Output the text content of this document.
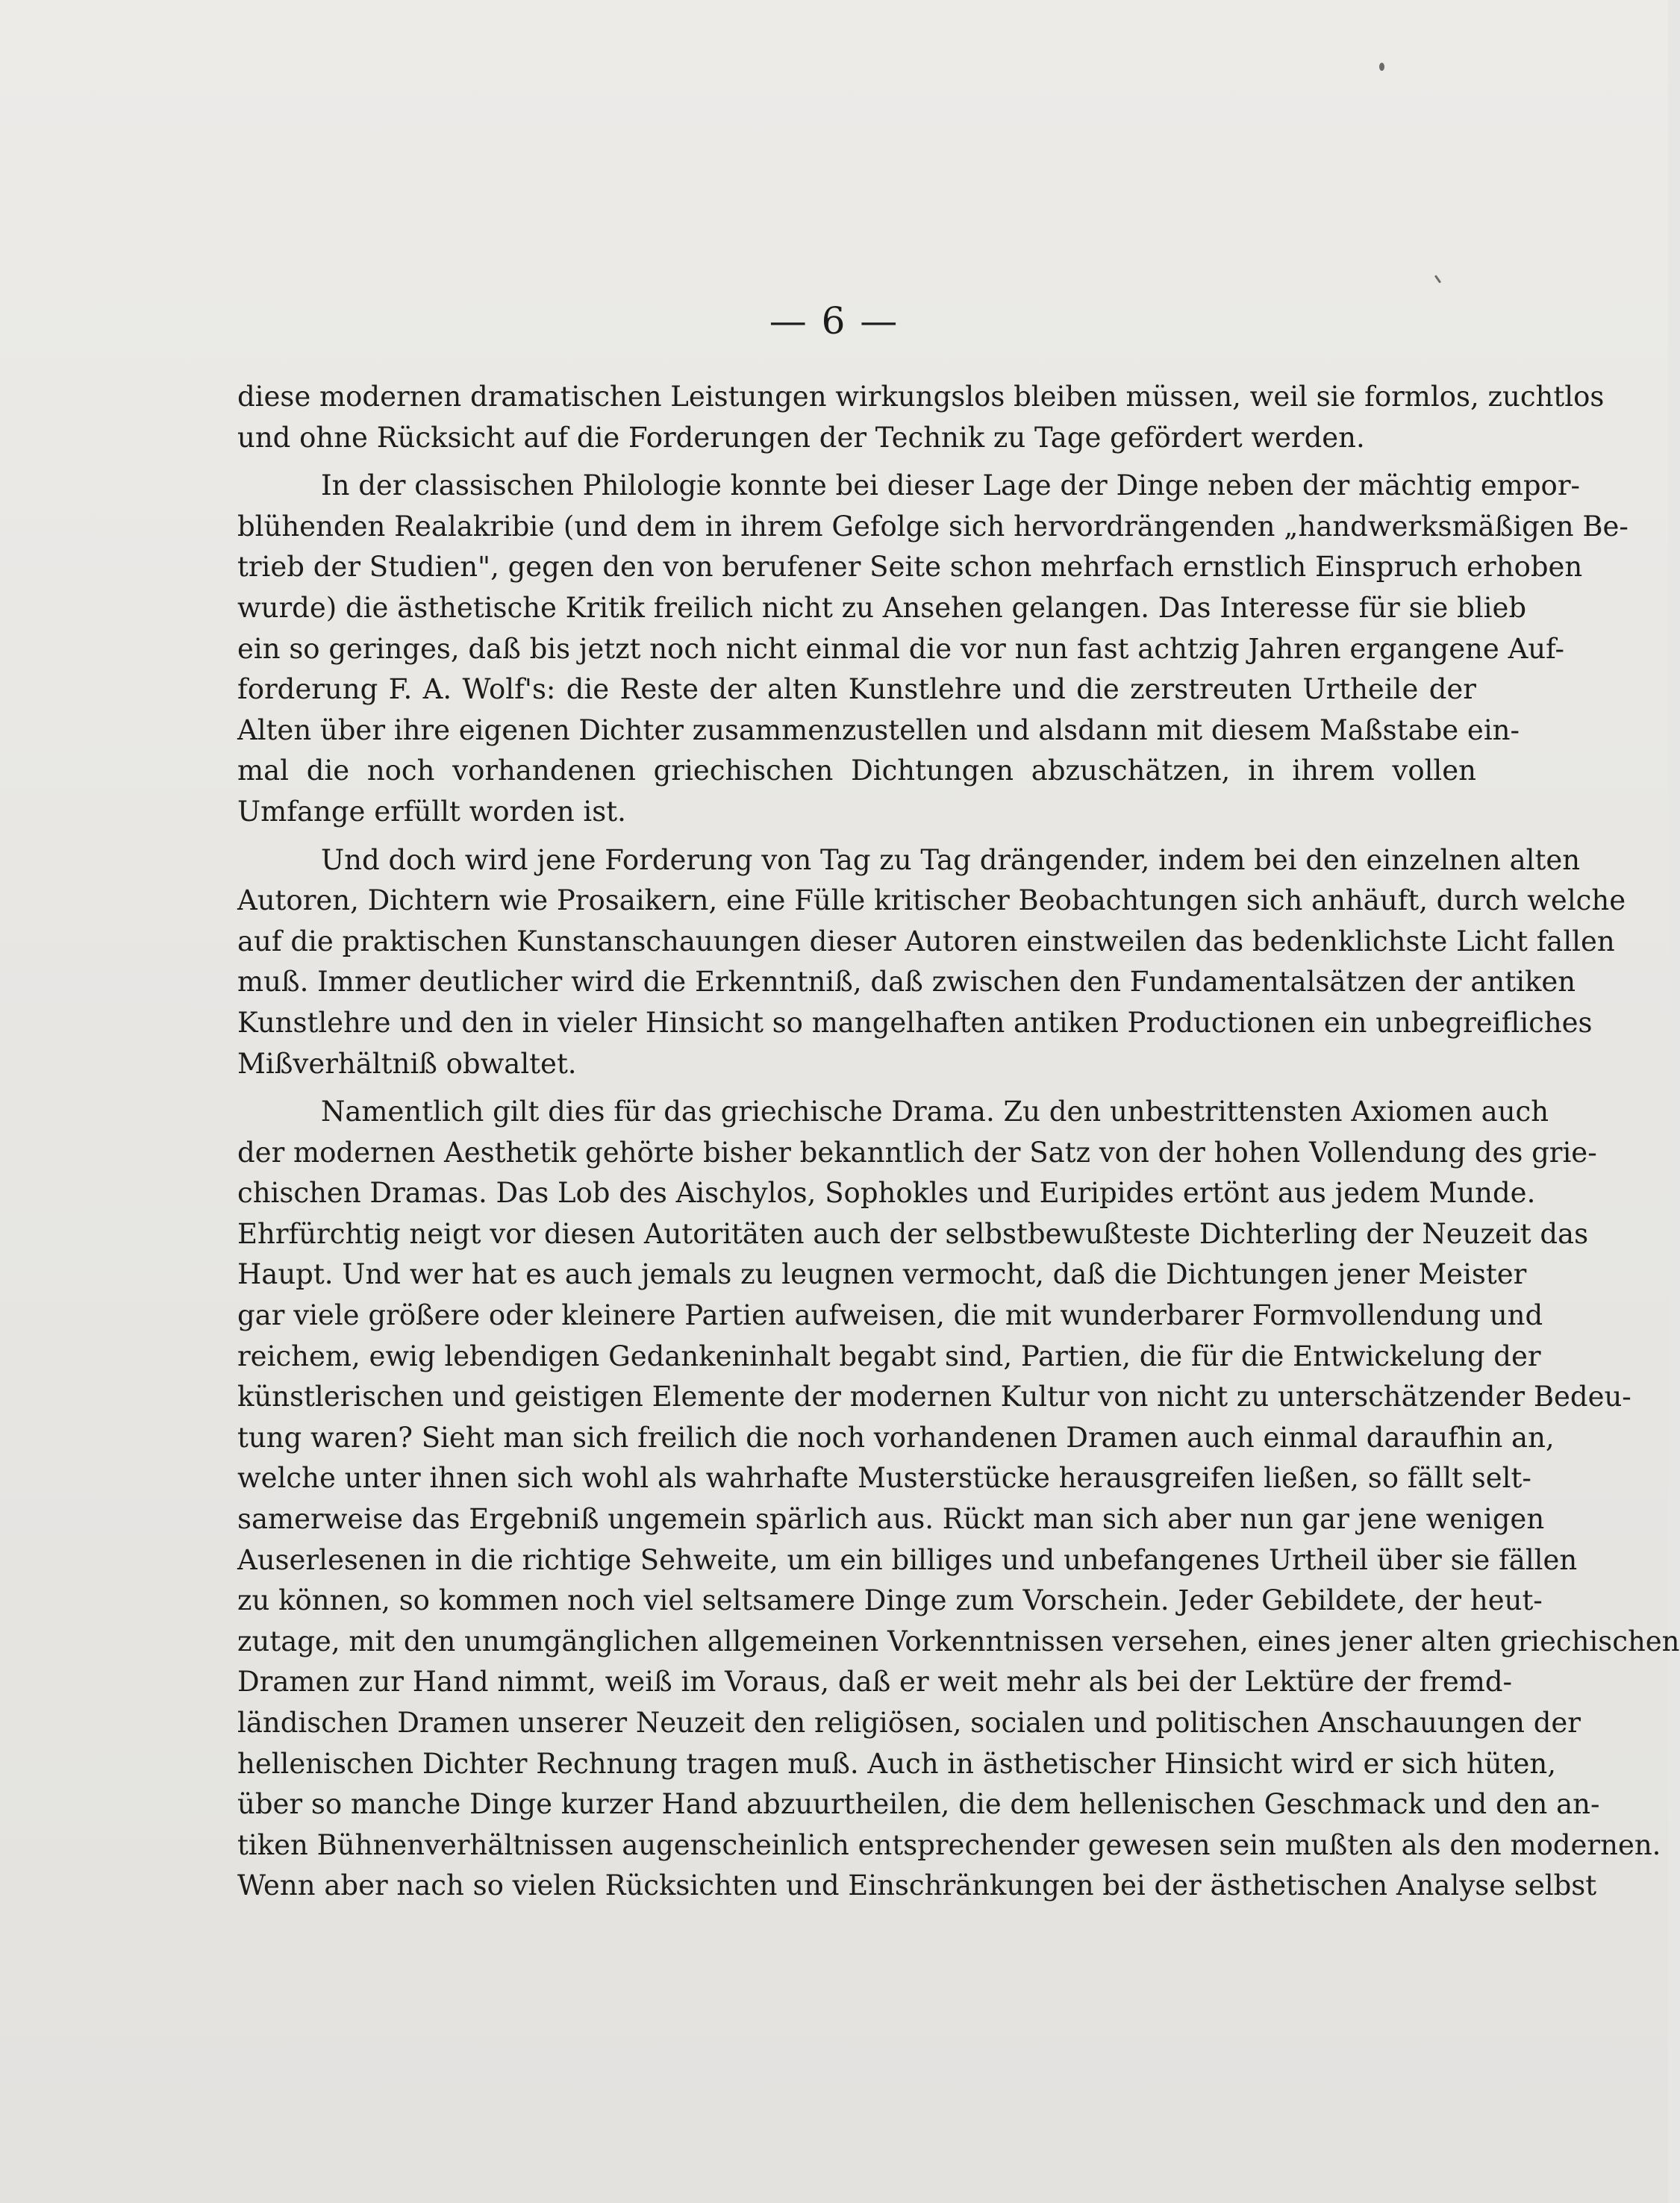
— 6 —
diese modernen dramatischen Leistungen wirkungslos bleiben müssen, weil sie formlos, zuchtlos
und ohne Rücksicht auf die Forderungen der Technik zu Tage gefördert werden.
In der classischen Philologie konnte bei dieser Lage der Dinge neben der mächtig empor-
blühenden Realakribie (und dem in ihrem Gefolge sich hervordrängenden „handwerksmäßigen Be-
trieb der Studien", gegen den von berufener Seite schon mehrfach ernstlich Einspruch erhoben
wurde) die ästhetische Kritik freilich nicht zu Ansehen gelangen. Das Interesse für sie blieb
ein so geringes, daß bis jetzt noch nicht einmal die vor nun fast achtzig Jahren ergangene Auf-
forderung F. A. Wolf's: die Reste der alten Kunstlehre und die zerstreuten Urtheile der
Alten über ihre eigenen Dichter zusammenzustellen und alsdann mit diesem Maßstabe ein-
mal die noch vorhandenen griechischen Dichtungen abzuschätzen, in ihrem vollen
Umfange erfüllt worden ist.
Und doch wird jene Forderung von Tag zu Tag drängender, indem bei den einzelnen alten
Autoren, Dichtern wie Prosaikern, eine Fülle kritischer Beobachtungen sich anhäuft, durch welche
auf die praktischen Kunstanschauungen dieser Autoren einstweilen das bedenklichste Licht fallen
muß. Immer deutlicher wird die Erkenntniß, daß zwischen den Fundamentalsätzen der antiken
Kunstlehre und den in vieler Hinsicht so mangelhaften antiken Productionen ein unbegreifliches
Mißverhältniß obwaltet.
Namentlich gilt dies für das griechische Drama. Zu den unbestrittensten Axiomen auch
der modernen Aesthetik gehörte bisher bekanntlich der Satz von der hohen Vollendung des grie-
chischen Dramas. Das Lob des Aischylos, Sophokles und Euripides ertönt aus jedem Munde.
Ehrfürchtig neigt vor diesen Autoritäten auch der selbstbewußteste Dichterling der Neuzeit das
Haupt. Und wer hat es auch jemals zu leugnen vermocht, daß die Dichtungen jener Meister
gar viele größere oder kleinere Partien aufweisen, die mit wunderbarer Formvollendung und
reichem, ewig lebendigen Gedankeninhalt begabt sind, Partien, die für die Entwickelung der
künstlerischen und geistigen Elemente der modernen Kultur von nicht zu unterschätzender Bedeu-
tung waren? Sieht man sich freilich die noch vorhandenen Dramen auch einmal daraufhin an,
welche unter ihnen sich wohl als wahrhafte Musterstücke herausgreifen ließen, so fällt selt-
samerweise das Ergebniß ungemein spärlich aus. Rückt man sich aber nun gar jene wenigen
Auserlesenen in die richtige Sehweite, um ein billiges und unbefangenes Urtheil über sie fällen
zu können, so kommen noch viel seltsamere Dinge zum Vorschein. Jeder Gebildete, der heut-
zutage, mit den unumgänglichen allgemeinen Vorkenntnissen versehen, eines jener alten griechischen
Dramen zur Hand nimmt, weiß im Voraus, daß er weit mehr als bei der Lektüre der fremd-
ländischen Dramen unserer Neuzeit den religiösen, socialen und politischen Anschauungen der
hellenischen Dichter Rechnung tragen muß. Auch in ästhetischer Hinsicht wird er sich hüten,
über so manche Dinge kurzer Hand abzuurtheilen, die dem hellenischen Geschmack und den an-
tiken Bühnenverhältnissen augenscheinlich entsprechender gewesen sein mußten als den modernen.
Wenn aber nach so vielen Rücksichten und Einschränkungen bei der ästhetischen Analyse selbst
